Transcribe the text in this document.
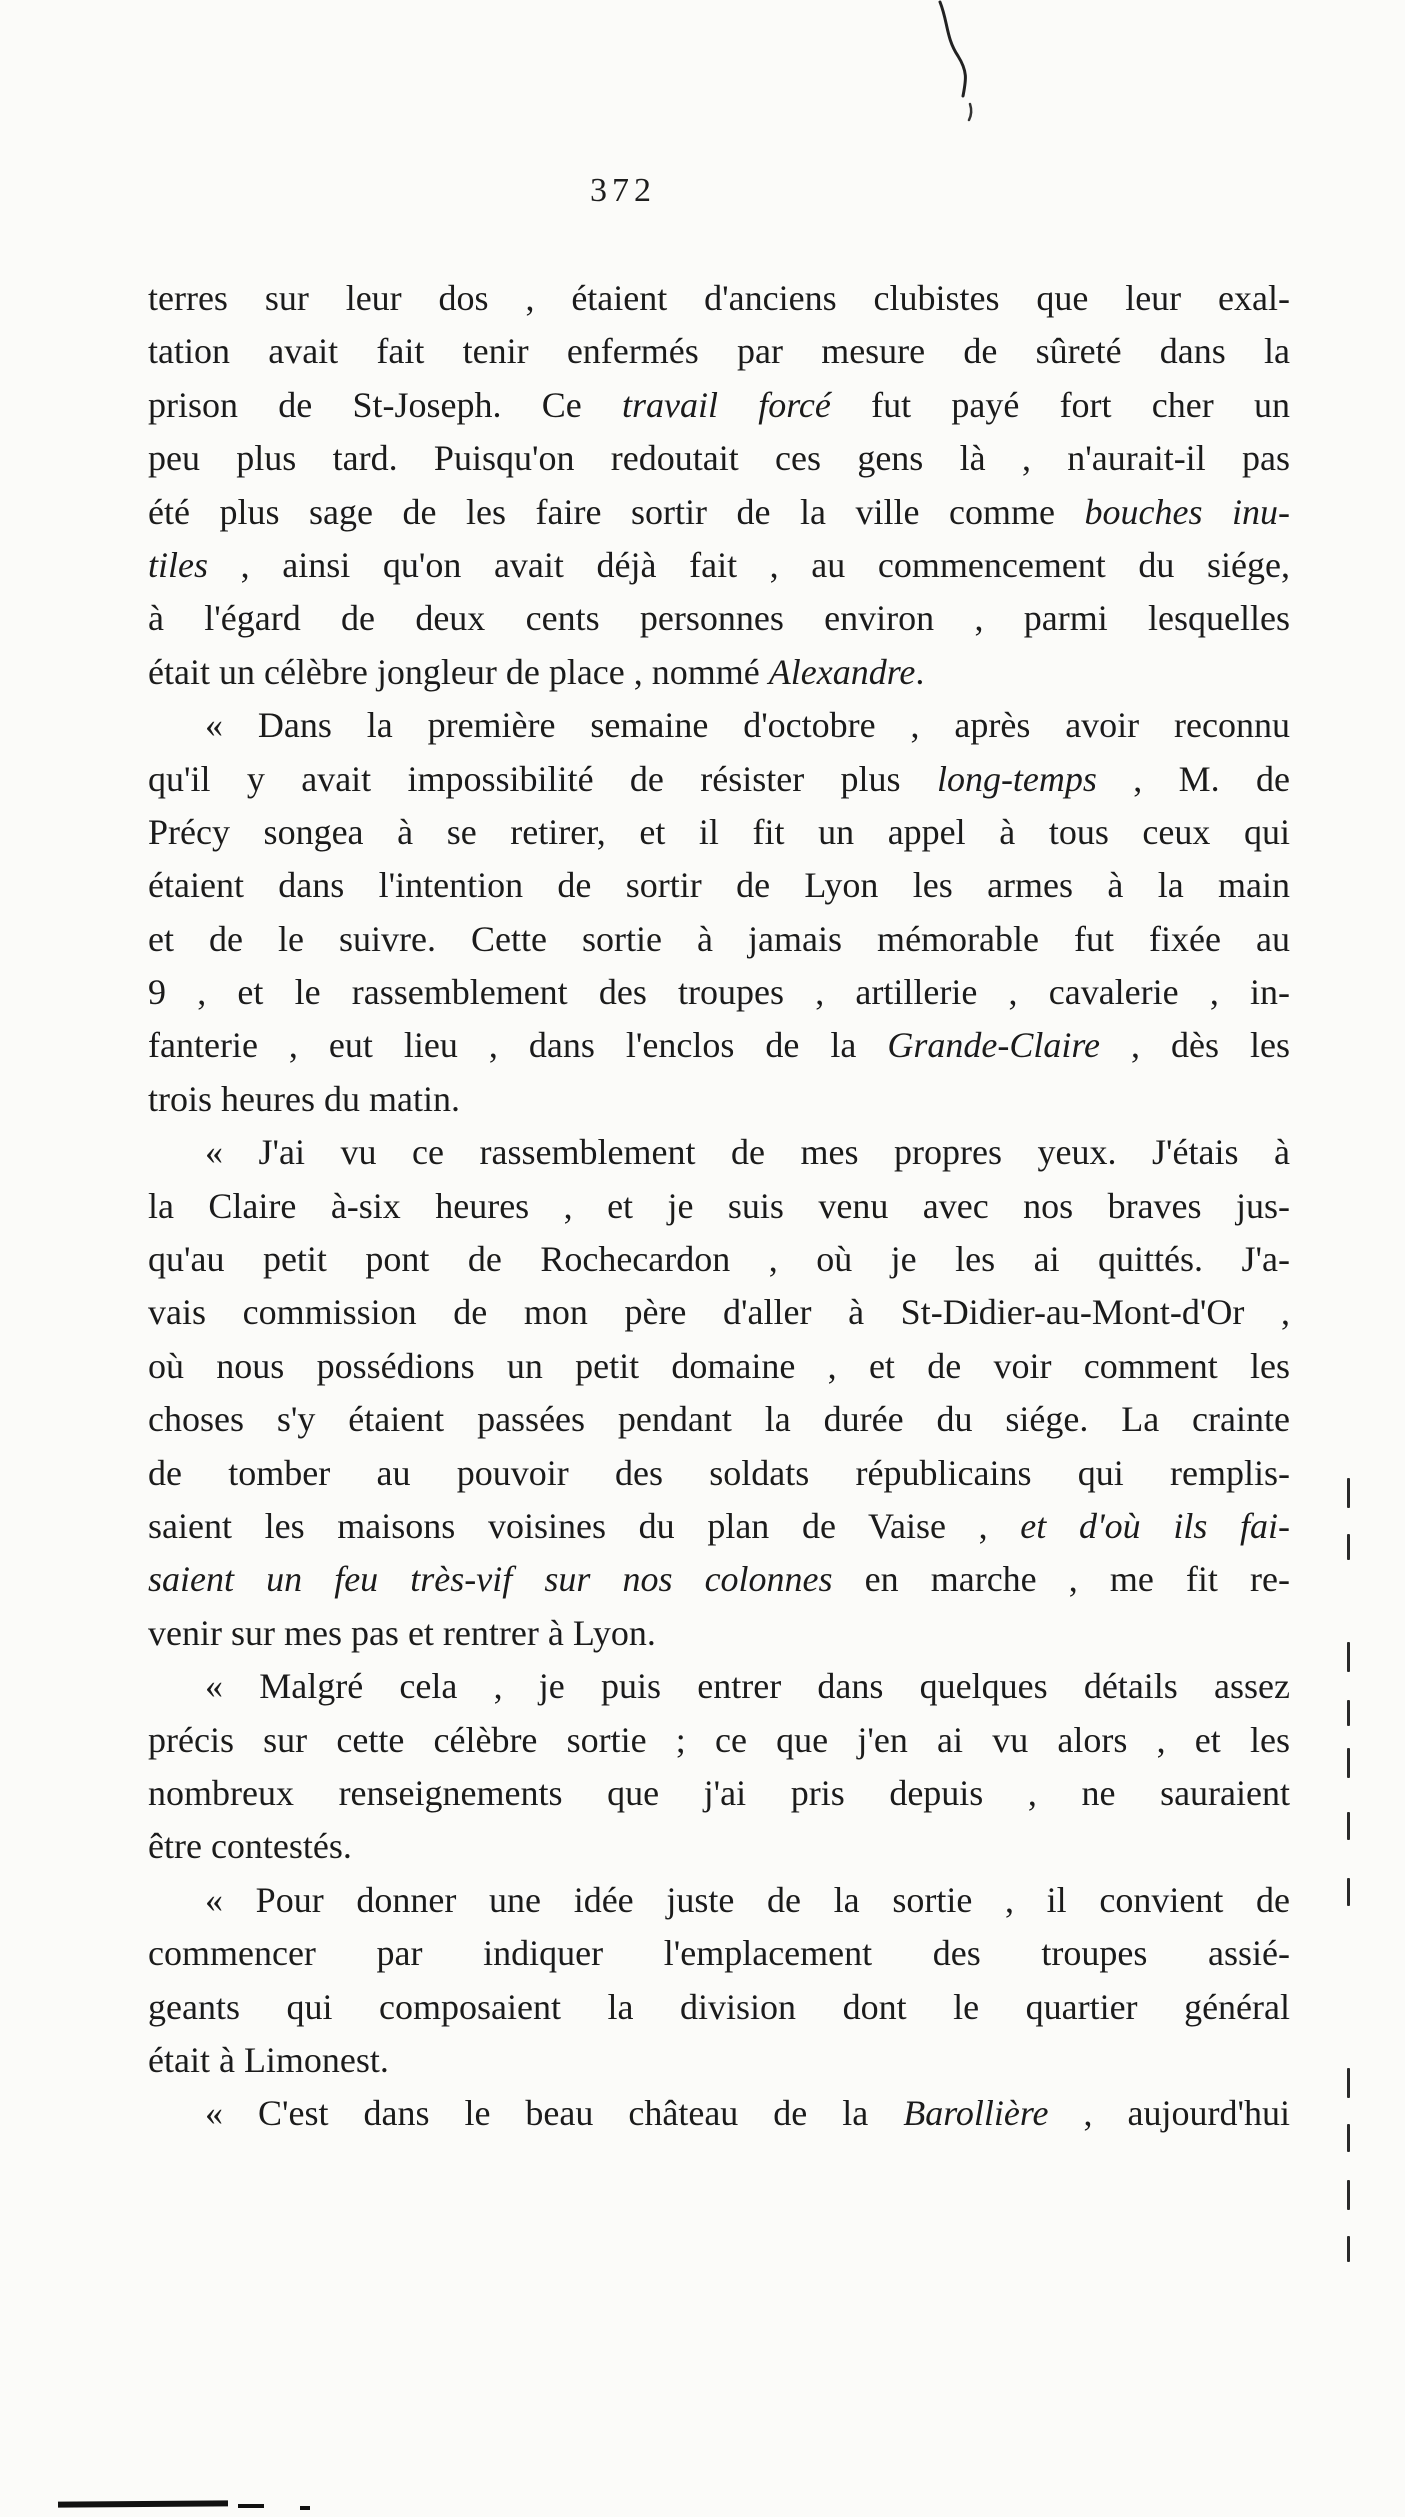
372
terres sur leur dos , étaient d'anciens clubistes que leur exal-
tation avait fait tenir enfermés par mesure de sûreté dans la
prison de St-Joseph. Ce travail forcé fut payé fort cher un
peu plus tard. Puisqu'on redoutait ces gens là , n'aurait-il pas
été plus sage de les faire sortir de la ville comme bouches inu-
tiles , ainsi qu'on avait déjà fait , au commencement du siége,
à l'égard de deux cents personnes environ , parmi lesquelles
était un célèbre jongleur de place , nommé Alexandre.
« Dans la première semaine d'octobre , après avoir reconnu
qu'il y avait impossibilité de résister plus long-temps , M. de
Précy songea à se retirer, et il fit un appel à tous ceux qui
étaient dans l'intention de sortir de Lyon les armes à la main
et de le suivre. Cette sortie à jamais mémorable fut fixée au
9 , et le rassemblement des troupes , artillerie , cavalerie , in-
fanterie , eut lieu , dans l'enclos de la Grande-Claire , dès les
trois heures du matin.
« J'ai vu ce rassemblement de mes propres yeux. J'étais à
la Claire à-six heures , et je suis venu avec nos braves jus-
qu'au petit pont de Rochecardon , où je les ai quittés. J'a-
vais commission de mon père d'aller à St-Didier-au-Mont-d'Or ,
où nous possédions un petit domaine , et de voir comment les
choses s'y étaient passées pendant la durée du siége. La crainte
de tomber au pouvoir des soldats républicains qui remplis-
saient les maisons voisines du plan de Vaise , et d'où ils fai-
saient un feu très-vif sur nos colonnes en marche , me fit re-
venir sur mes pas et rentrer à Lyon.
« Malgré cela , je puis entrer dans quelques détails assez
précis sur cette célèbre sortie ; ce que j'en ai vu alors , et les
nombreux renseignements que j'ai pris depuis , ne sauraient
être contestés.
« Pour donner une idée juste de la sortie , il convient de
commencer par indiquer l'emplacement des troupes assié-
geants qui composaient la division dont le quartier général
était à Limonest.
« C'est dans le beau château de la Barollière , aujourd'hui
